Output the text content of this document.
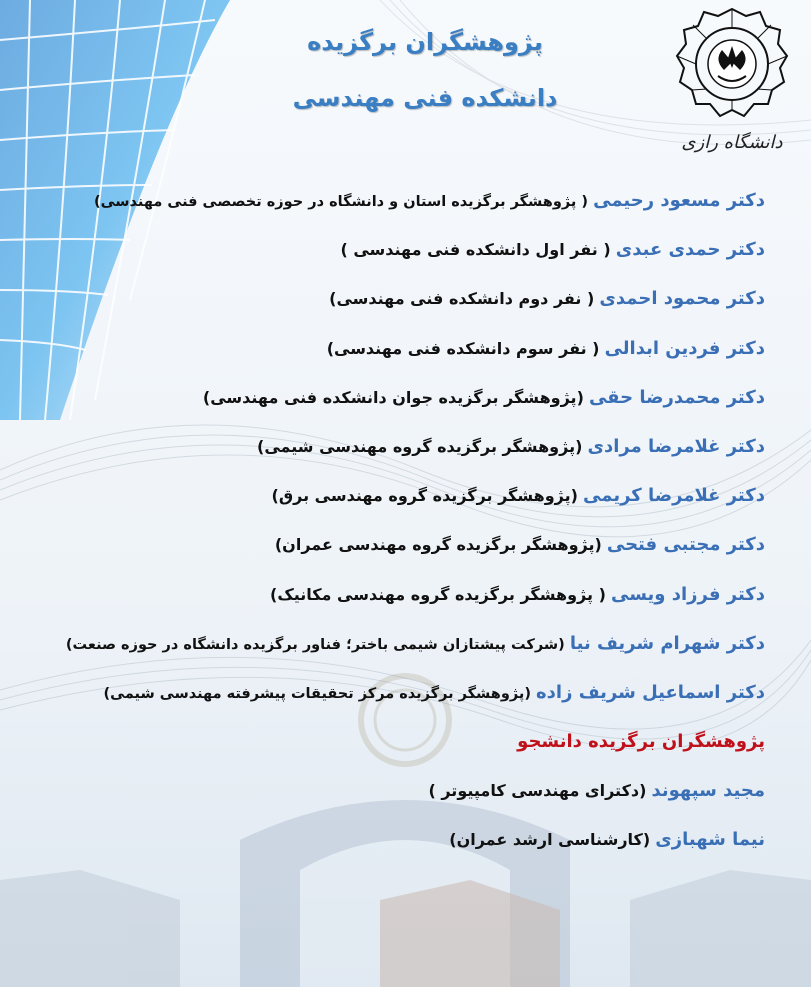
دانشگاه رازی
پژوهشگران برگزیده
دانشکده فنی مهندسی
دکتر مسعود رحیمی ( پژوهشگر برگزیده استان و دانشگاه در حوزه تخصصی فنی مهندسی)
دکتر حمدی عبدی ( نفر اول دانشکده فنی مهندسی )
دکتر محمود احمدی ( نفر دوم دانشکده فنی مهندسی)
دکتر فردین ابدالی ( نفر سوم دانشکده فنی مهندسی)
دکتر محمدرضا حقی (پژوهشگر برگزیده جوان دانشکده فنی مهندسی)
دکتر غلامرضا مرادی (پژوهشگر برگزیده گروه مهندسی شیمی)
دکتر غلامرضا کریمی (پژوهشگر برگزیده گروه مهندسی برق)
دکتر مجتبی فتحی (پژوهشگر برگزیده گروه مهندسی عمران)
دکتر فرزاد ویسی ( پژوهشگر برگزیده گروه مهندسی مکانیک)
دکتر شهرام شریف نیا (شرکت پیشتازان شیمی باختر؛ فناور برگزیده دانشگاه در حوزه صنعت)
دکتر اسماعیل شریف زاده (پژوهشگر برگزیده مرکز تحقیقات پیشرفته مهندسی شیمی)
پژوهشگران برگزیده دانشجو
مجید سپهوند (دکترای مهندسی کامپیوتر )
نیما شهبازی (کارشناسی ارشد عمران)
